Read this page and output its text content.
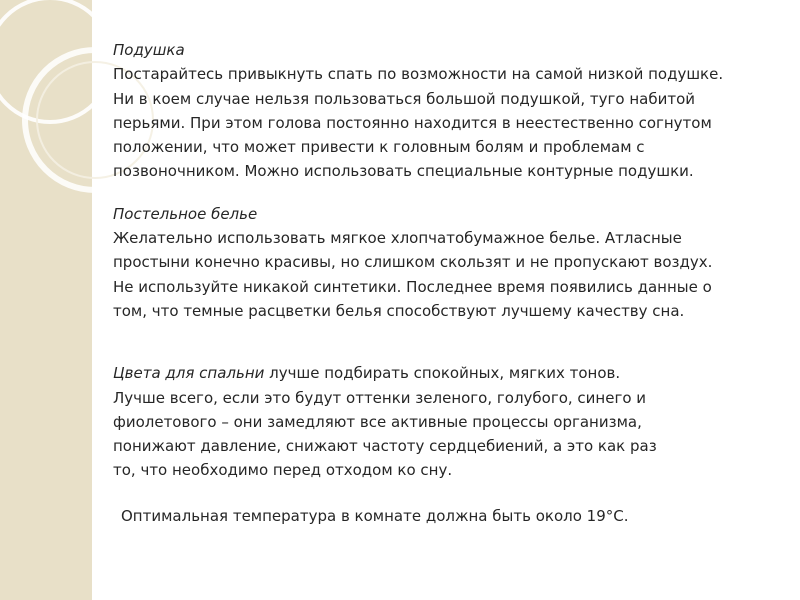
Подушка
Постарайтесь привыкнуть спать по возможности на самой низкой подушке.
Ни в коем случае нельзя пользоваться большой подушкой, туго набитой
перьями. При этом голова постоянно находится в неестественно согнутом
положении, что может привести к головным болям и проблемам с
позвоночником. Можно использовать специальные контурные подушки.
Постельное белье
Желательно использовать мягкое хлопчатобумажное белье. Атласные
простыни конечно красивы, но слишком скользят и не пропускают воздух.
Не используйте никакой синтетики. Последнее время появились данные о
том, что темные расцветки белья способствуют лучшему качеству сна.
Цвета для спальни лучше подбирать спокойных, мягких тонов.
Лучше всего, если это будут оттенки зеленого, голубого, синего и
фиолетового – они замедляют все активные процессы организма,
понижают давление, снижают частоту сердцебиений, а это как раз
то, что необходимо перед отходом ко сну.
Оптимальная температура в комнате должна быть около 19°С.
